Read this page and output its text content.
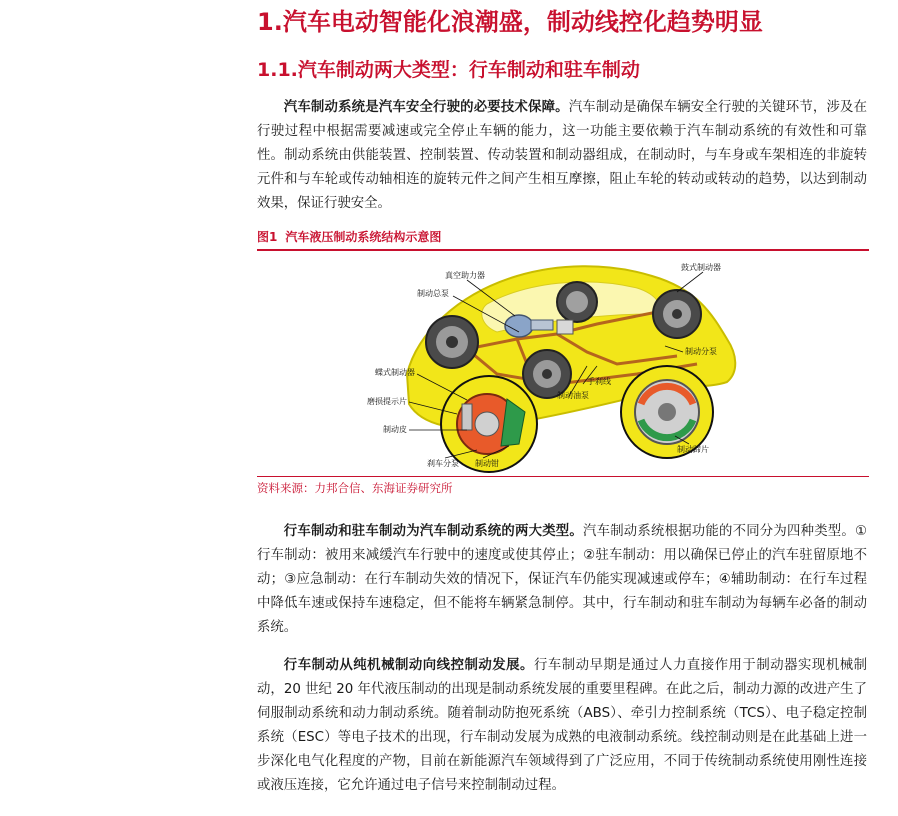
1.汽车电动智能化浪潮盛，制动线控化趋势明显
1.1.汽车制动两大类型：行车制动和驻车制动

汽车制动系统是汽车安全行驶的必要技术保障。汽车制动是确保车辆安全行驶的关键环节，涉及在行驶过程中根据需要减速或完全停止车辆的能力，这一功能主要依赖于汽车制动系统的有效性和可靠性。制动系统由供能装置、控制装置、传动装置和制动器组成，在制动时，与车身或车架相连的非旋转元件和与车轮或传动轴相连的旋转元件之间产生相互摩擦，阻止车轮的转动或转动的趋势，以达到制动效果，保证行驶安全。

图1 汽车液压制动系统结构示意图
真空助力器
制动总泵
鼓式制动器
制动分泵
蝶式制动器
磨损提示片
制动皮
手刹线
制动油泵
刹车分泵 制动钳
制动蹄片
资料来源：力邦合信、东海证券研究所

行车制动和驻车制动为汽车制动系统的两大类型。汽车制动系统根据功能的不同分为四种类型。①行车制动：被用来减缓汽车行驶中的速度或使其停止；②驻车制动：用以确保已停止的汽车驻留原地不动；③应急制动：在行车制动失效的情况下，保证汽车仍能实现减速或停车；④辅助制动：在行车过程中降低车速或保持车速稳定，但不能将车辆紧急制停。其中，行车制动和驻车制动为每辆车必备的制动系统。

行车制动从纯机械制动向线控制动发展。行车制动早期是通过人力直接作用于制动器实现机械制动，20 世纪 20 年代液压制动的出现是制动系统发展的重要里程碑。在此之后，制动力源的改进产生了伺服制动系统和动力制动系统。随着制动防抱死系统（ABS）、牵引力控制系统（TCS）、电子稳定控制系统（ESC）等电子技术的出现，行车制动发展为成熟的电液制动系统。线控制动则是在此基础上进一步深化电气化程度的产物，目前在新能源汽车领域得到了广泛应用，不同于传统制动系统使用刚性连接或液压连接，它允许通过电子信号来控制制动过程。
